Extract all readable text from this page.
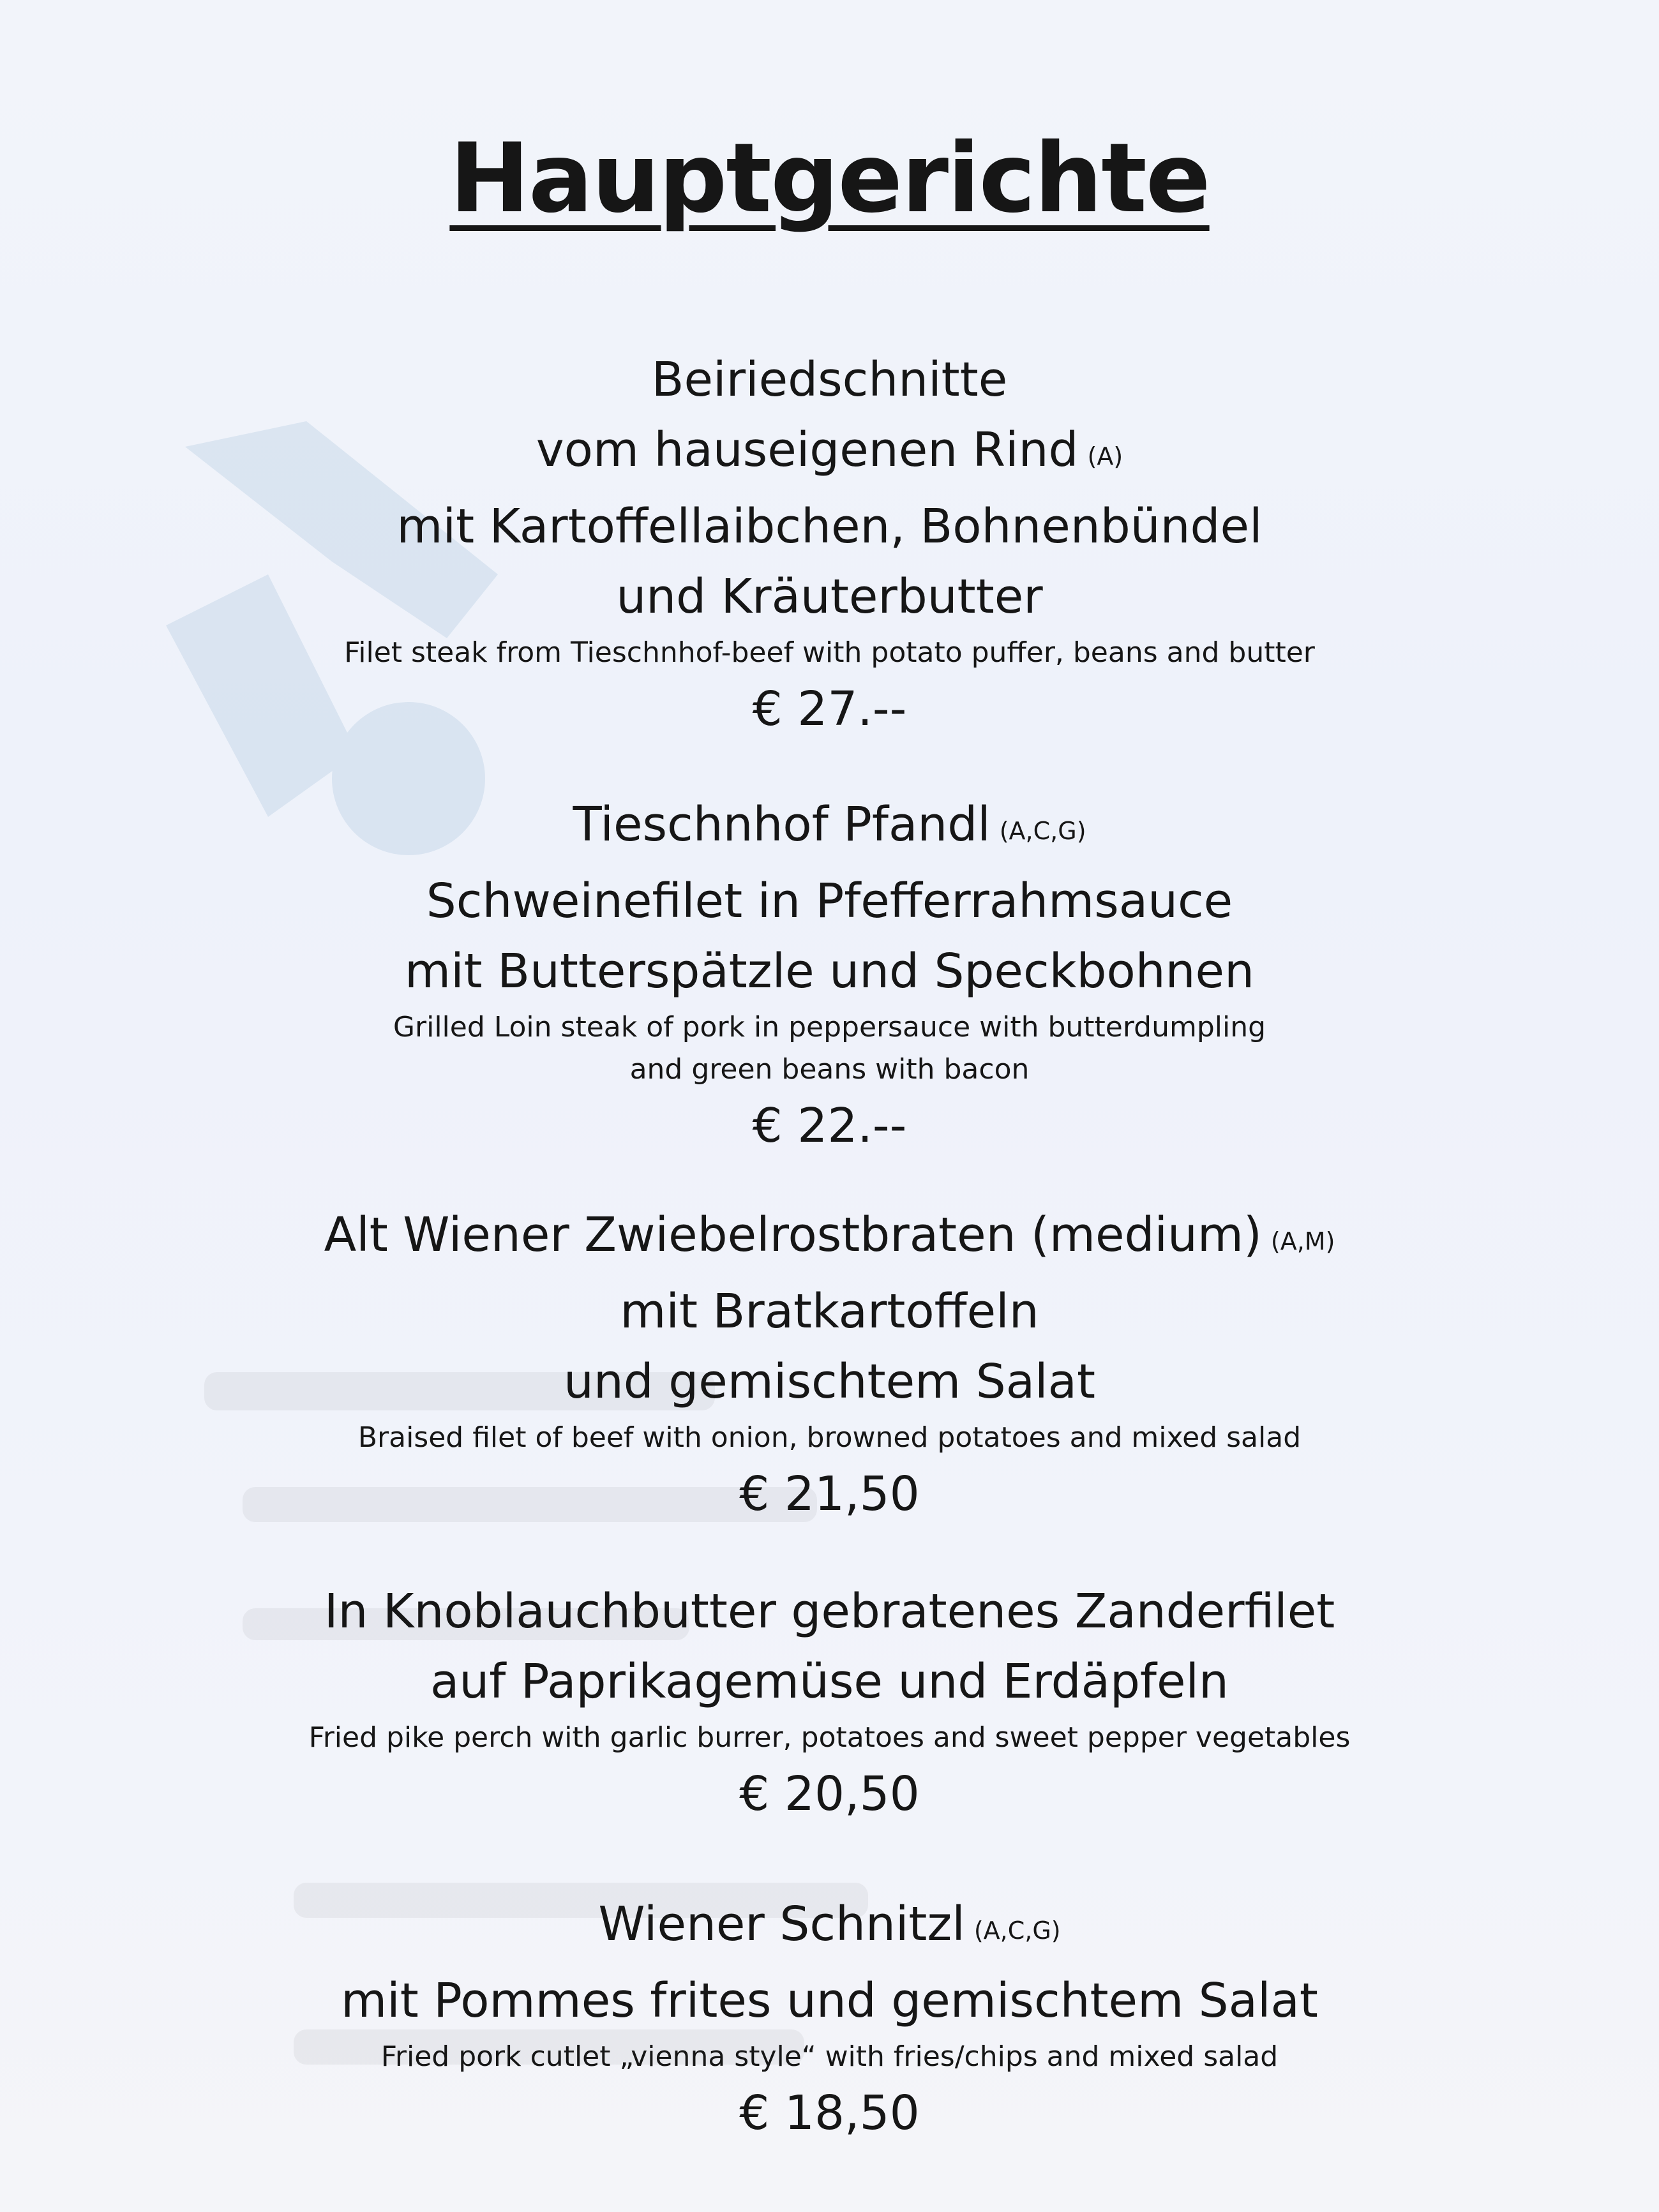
Hauptgerichte
Beiriedschnitte
vom hauseigenen Rind (A)
mit Kartoffellaibchen, Bohnenbündel
und Kräuterbutter
Filet steak from Tieschnhof-beef with potato puffer, beans and butter
€ 27.--
Tieschnhof Pfandl (A,C,G)
Schweinefilet in Pfefferrahmsauce
mit Butterspätzle und Speckbohnen
Grilled Loin steak of pork in peppersauce with butterdumpling
and green beans with bacon
€ 22.--
Alt Wiener Zwiebelrostbraten (medium) (A,M)
mit Bratkartoffeln
und gemischtem Salat
Braised filet of beef with onion, browned potatoes and mixed salad
€ 21,50
In Knoblauchbutter gebratenes Zanderfilet
auf Paprikagemüse und Erdäpfeln
Fried pike perch with garlic burrer, potatoes and sweet pepper vegetables
€ 20,50
Wiener Schnitzl (A,C,G)
mit Pommes frites und gemischtem Salat
Fried pork cutlet „vienna style“ with fries/chips and mixed salad
€ 18,50
